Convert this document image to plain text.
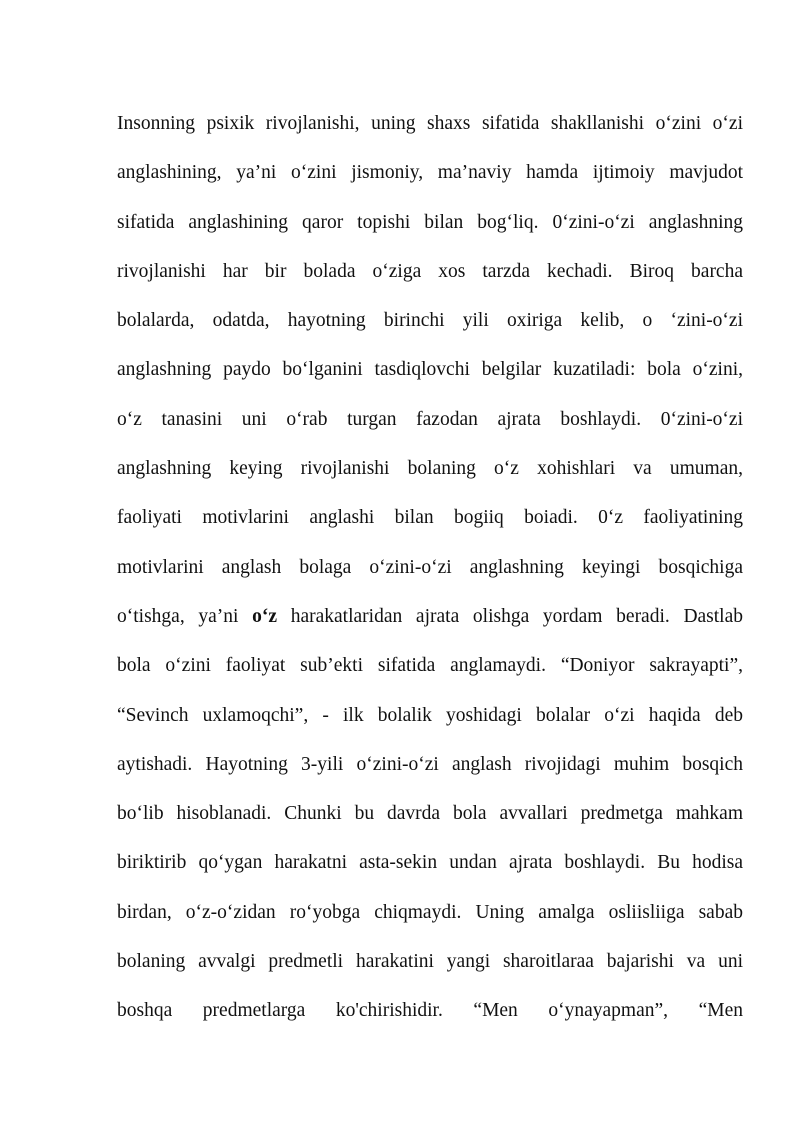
Insonning psixik rivojlanishi, uning shaxs sifatida shakllanishi o‘zini o‘zi
anglashining, ya’ni o‘zini jismoniy, ma’naviy hamda ijtimoiy mavjudot
sifatida anglashining qaror topishi bilan bog‘liq. 0‘zini-o‘zi anglashning
rivojlanishi har bir bolada o‘ziga xos tarzda kechadi. Biroq barcha
bolalarda, odatda, hayotning birinchi yili oxiriga kelib, o ‘zini-o‘zi
anglashning paydo bo‘lganini tasdiqlovchi belgilar kuzatiladi: bola o‘zini,
o‘z tanasini uni o‘rab turgan fazodan ajrata boshlaydi. 0‘zini-o‘zi
anglashning keying rivojlanishi bolaning o‘z xohishlari va umuman,
faoliyati motivlarini anglashi bilan bogiiq boiadi. 0‘z faoliyatining
motivlarini anglash bolaga o‘zini-o‘zi anglashning keyingi bosqichiga
o‘tishga, ya’ni o‘z harakatlaridan ajrata olishga yordam beradi. Dastlab
bola o‘zini faoliyat sub’ekti sifatida anglamaydi. “Doniyor sakrayapti”,
“Sevinch uxlamoqchi”, - ilk bolalik yoshidagi bolalar o‘zi haqida deb
aytishadi. Hayotning 3-yili o‘zini-o‘zi anglash rivojidagi muhim bosqich
bo‘lib hisoblanadi. Chunki bu davrda bola avvallari predmetga mahkam
biriktirib qo‘ygan harakatni asta-sekin undan ajrata boshlaydi. Bu hodisa
birdan, o‘z-o‘zidan ro‘yobga chiqmaydi. Uning amalga osliisliiga sabab
bolaning avvalgi predmetli harakatini yangi sharoitlaraa bajarishi va uni
boshqa predmetlarga ko'chirishidir. “Men o‘ynayapman”, “Men
